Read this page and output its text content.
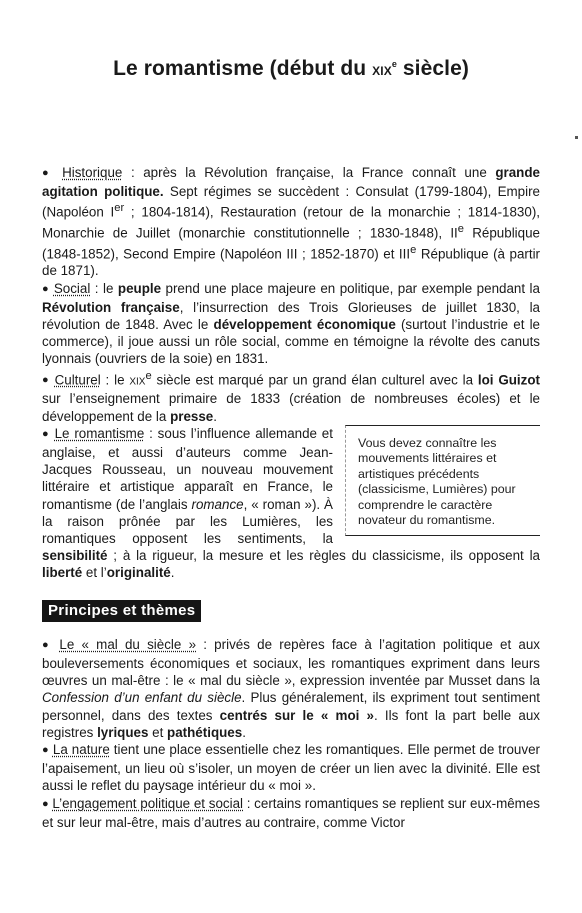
Le romantisme (début du XIXe siècle)

● Historique : après la Révolution française, la France connaît une grande agitation politique. Sept régimes se succèdent : Consulat (1799-1804), Empire (Napoléon Ier ; 1804-1814), Restauration (retour de la monarchie ; 1814-1830), Monarchie de Juillet (monarchie constitutionnelle ; 1830-1848), IIe République (1848-1852), Second Empire (Napoléon III ; 1852-1870) et IIIe République (à partir de 1871).

● Social : le peuple prend une place majeure en politique, par exemple pendant la Révolution française, l’insurrection des Trois Glorieuses de juillet 1830, la révolution de 1848. Avec le développement économique (surtout l’industrie et le commerce), il joue aussi un rôle social, comme en témoigne la révolte des canuts lyonnais (ouvriers de la soie) en 1831.

● Culturel : le XIXe siècle est marqué par un grand élan culturel avec la loi Guizot sur l’enseignement primaire de 1833 (création de nombreuses écoles) et le développement de la presse.

Vous devez connaître les mouvements littéraires et artistiques précédents (classicisme, Lumières) pour comprendre le caractère novateur du romantisme.
● Le romantisme : sous l’influence allemande et anglaise, et aussi d’auteurs comme Jean-Jacques Rousseau, un nouveau mouvement littéraire et artistique apparaît en France, le romantisme (de l’anglais romance, « roman »). À la raison prônée par les Lumières, les romantiques opposent les sentiments, la sensibilité ; à la rigueur, la mesure et les règles du classicisme, ils opposent la liberté et l’originalité.

Principes et thèmes

● Le « mal du siècle » : privés de repères face à l’agitation politique et aux bouleversements économiques et sociaux, les romantiques expriment dans leurs œuvres un mal-être : le « mal du siècle », expression inventée par Musset dans la Confession d’un enfant du siècle. Plus généralement, ils expriment tout sentiment personnel, dans des textes centrés sur le « moi ». Ils font la part belle aux registres lyriques et pathétiques.

● La nature tient une place essentielle chez les romantiques. Elle permet de trouver l’apaisement, un lieu où s’isoler, un moyen de créer un lien avec la divinité. Elle est aussi le reflet du paysage intérieur du « moi ».

● L’engagement politique et social : certains romantiques se replient sur eux-mêmes et sur leur mal-être, mais d’autres au contraire, comme Victor
